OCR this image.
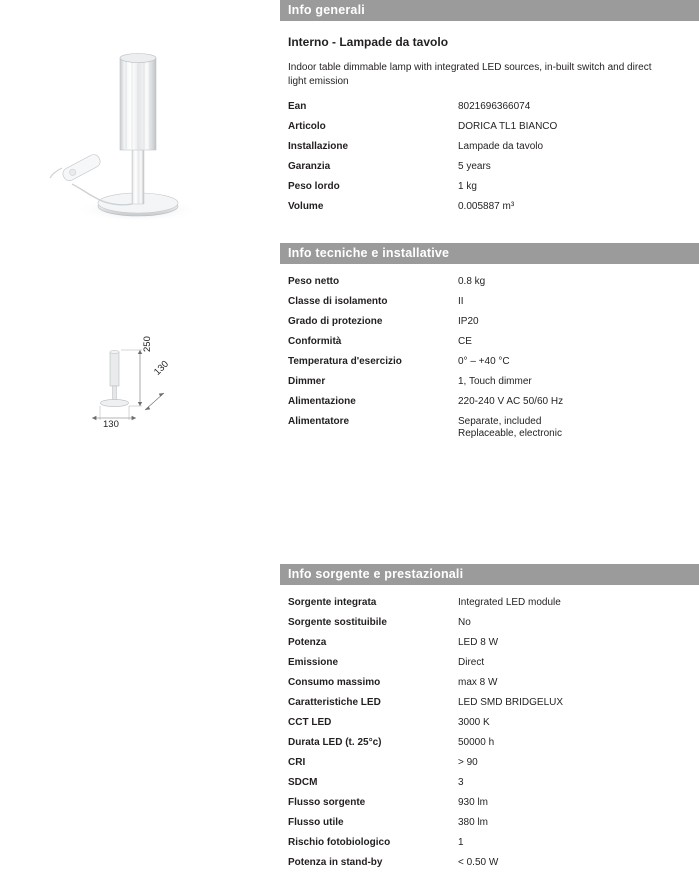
250
130
130
Info generali
Interno - Lampade da tavolo
Indoor table dimmable lamp with integrated LED sources, in-built switch and direct light emission
Ean	8021696366074
Articolo	DORICA TL1 BIANCO
Installazione	Lampade da tavolo
Garanzia	5 years
Peso lordo	1 kg
Volume	0.005887 m³
Info tecniche e installative
Peso netto	0.8 kg
Classe di isolamento	II
Grado di protezione	IP20
Conformità	CE
Temperatura d'esercizio	0° – +40 °C
Dimmer	1, Touch dimmer
Alimentazione	220-240 V AC 50/60 Hz
Alimentatore	Separate, included
Replaceable, electronic
Info sorgente e prestazionali
Sorgente integrata	Integrated LED module
Sorgente sostituibile	No
Potenza	LED 8 W
Emissione	Direct
Consumo massimo	max 8 W
Caratteristiche LED	LED SMD BRIDGELUX
CCT LED	3000 K
Durata LED (t. 25°c)	50000 h
CRI	> 90
SDCM	3
Flusso sorgente	930 lm
Flusso utile	380 lm
Rischio fotobiologico	1
Potenza in stand-by	< 0.50 W
